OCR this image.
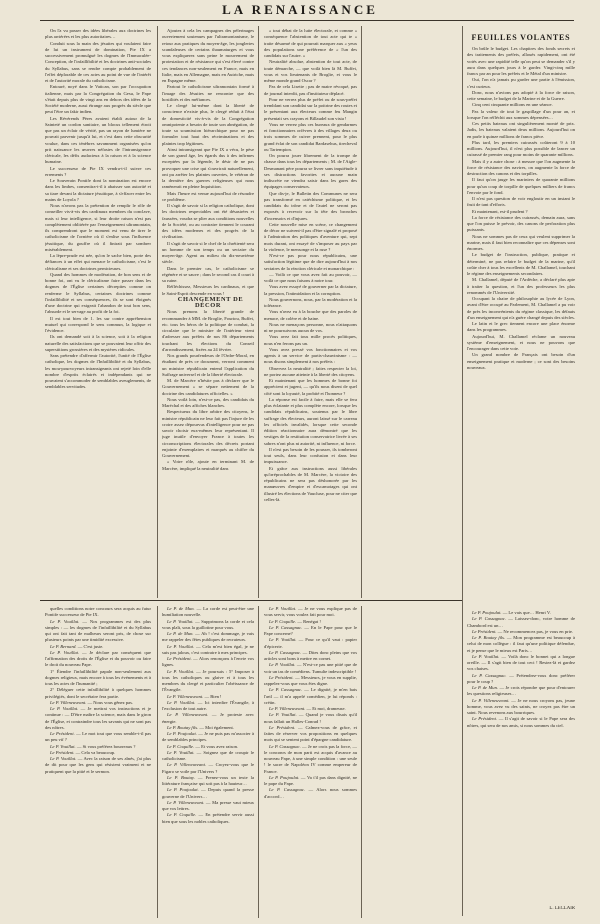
LA RENAISSANCE

On l'a vu passer des idées libérales aux doctrines les plus arriérées et les plus autoritaires…

Conduit sous la main des jésuites qui voulaient faire de lui un instrument de domination, Pie IX a successivement promulgué les dogmes de l'Immaculée-Conception, de l'infaillibilité et les doctrines anti-sociales du Syllabus, sans se rendre compte probablement de l'effet déplorable de ces actes au point de vue de l'intérêt et de l'autorité morale du catholicisme.

Entouré, noyé dans le Vatican, son par l'occupation italienne, mais par la Congrégation du Gesu, le Pape s'était depuis plus de vingt ans en dehors des idées de la Société moderne, aussi étrange aux progrès du siècle que peut l'être un fakir indien.

Les Révérends Pères avaient établi autour de la Sainteté un cordon sanitaire, un blocus tellement étroit que pas un éclair de vérité, pas un rayon de lumière ne pouvait parvenir jusqu'à lui, et c'est dans cette obscurité voulue, dans ces ténèbres savamment organisées qu'on prit naissance les œuvres néfastes de l'intransigeance cléricale, les défis audacieux à la raison et à la science humaine.

Le successeur de Pie IX vendra-t-il suivre ces errements ?

Le Souverain Pontife dont la nomination est encore dans les limbes, consentira-t-il à abaisser son autorité et sa tiare devant la dictature jésuitique, à s'effacer entre les mains de Loyola ?

Nous n'avons pas la prétention de remplir le rôle de conseiller vis-à-vis des cardinaux membres du conclave, mais si leur intelligence, si leur droite raison n'est pas complètement oblitérée par l'enseignement ultramontain, ils comprendront que le moment est venu de tirer le catholicisme de l'ornière où il s'enlise sous l'influence jésuitique, du gouffre où il finirait par sombrer misérablement.

La lèpre-prude est née, qu'on le sache bien, porte des défiances à un effet qui menace le catholicisme, c'est le cléricalisme et ses doctrines pernicieuses.

Quand des hommes de modération, de bon sens et de bonne foi, ont vu le cléricalisme faire passer dans les dogmes de l'Église certaines décrepites comme on renferme le Syllabus, certaines doctrines comme l'infaillibilité et ses conséquences, ils se sont éloignés d'une doctrine qui exigeait l'abandon de tout bon sens, l'absurde et le servage au profit de la foi.

Il est tout bien de 1. les sur contre appréhension mutuel qui correspond le sens commun, la logique et l'évidence.

Ils ont demandé soit à la science, soit à la religion naturelle des satisfactions que se pouvaient leur offrir des superstitions grossières et des mystères ridicules.

Sans prétendre d'affermir l'autorité, l'unité de l'Église catholique, les dogmes de l'Infaillibilité et du Syllabus, les mou-pourvoyeurs intransigeants ont rejeté loin d'elle nombre d'esprits éclairés et indépendants qui ne pouvaient s'accommoder de semblables aveuglements, de semblables servitudes.

Ajoutez à cela les campagnes des pèlerinages ouvertement soutenues par l'ultramontanisme, le retour aux pratiques du moyen-âge, les jongleries scandaleuses de certains thaumaturges et vous vous expliquerez sans peine le mouvement de protestation et de résistance qui s'est élevé contre ces tendances non-seulement en France, mais en Italie, mais en Allemagne, mais en Autriche, mais en Espagne même.

Partout le catholicisme ultramontain formé à l'image des Jésuites ne rencontre que des hostilités et des méfiances.

Le clergé lui-même dont la liberté de conscience n'existe plus, le clergé réduit à l'état de domesticité vis-à-vis de la Congrégation omnipotente a besoin de toute son abnégation, de toute sa soumission hiérarchique pour ne pas formuler tout haut des récriminations et des plaintes trop légitimes.

Ainsi intransigeant que Pie IX a vécu, le pèse de son grand âge, les égards dus à des infirmes exceptées par la légende, le désir de ne pas provoquer une crise qui s'ouvrirait naturellement, ont pu arrêter les plaintes ouvertes, le vétéran de la dernière des guerres religieuses qui nous ramènerait en pleine Inquisition.

Mais l'heure est venue aujourd'hui de résoudre ce problème.

Il s'agit de savoir si la religion catholique, dont les doctrines respectables ont été désastrées et faussées, voudra se plier aux conditions nouvelles de la Société, ou au contraire tiennent le courant des idées modernes et des progrès de la civilisation.

Il s'agit de savoir si le chef de la chrétienté sera un homme de son temps ou un sectaire du moyen-âge. Agent au milieu du dix-neuvième siècle.

Dans le premier cas, le catholicisme se régénère et se sauve ; dans le second cas il court à sa ruine.

Réfléchissez, Messieurs les cardinaux, et que le Saint-Esprit descende en vous !

CHANGEMENT DE DÉCOR

Nous prenons la liberté grande de recommander à MM. de Broglie, Fourtou, Buffet, etc. tous les héros de la politique de combat, la circulaire que le ministre de l'intérieur vient d'adresser aux préfets de nos 86 départements touchant les élections du Conseil d'arrondissement, fixées au 24 février.

Nos grands pourfendeurs de l'Ordre-Moral, en étudiant de près ce document, verront comment un ministre républicain entend l'application du Suffrage universel et de la liberté électorale.

M. de Marcère n'hésite pas à déclarer que le Gouvernement « se sépare nettement de la doctrine des candidatures officielles. »

Nous voilà loin, n'est-ce pas, des candidats du Maréchal et des affiches blanches.

Respectueux du libre arbitre des citoyens, le ministre républicain ne leur fait pas l'injure de les croire assez dépourvus d'intelligence pour ne pas savoir choisir eux-mêmes leur représentant. Il juge inutile d'envoyer France à toutes les circonscriptions électorales des décrets portant enjointe d'exemplaires et marqués au chiffre du Gouvernement.

« Votre rôle, ajoute en terminant M. de Marcère, impliqué la neutralité dans

« tout débat de la lutte électorale, et comme « conséquence l'abstention de tout acte qui te « traite désarmé de qui pourrait marquer aux « yeux des populations une préférence de « l'un des candidats sur l'autre. »

Neutralité absolue, abstention de tout acte, de toute démarche, — que voilà bien là M. Buffet, vous et vos lieutenants de Broglie, et vous le même monde grand Oscar ?

Pas de cela Lisette ; pas de maire révoqué, pas de journal interdit, pas d'instituteur déplacé.

Pour ne verrez plus de préfet ou de sous-préfet tremblant son candidat sur la poitrine des routes et le présentant aux électeurs comme feu Mangin présentait ses crayons et Billaudel son vista !

Vous ne verrez plus ces bureaux de gendarmes et fonctionnaires orfèvres à des villages deux ou trois sommes de cuivre prennent, pour le plus grand éclat de son candidat Bardasehus, tirecheval ou Tartempion.

On pourra jouer librement de la trompe de chasse dans tous les départements ; M. de l'Aigle-Desmanant père pourra se livrer sans inquiétude à ses distractions favorites et aucune main indiscrète ne viendra saisir dans les gares des équipages conservateurs.

Que dis-je, le Bulletin des Communes ne sera pas transformé en catéchisme politique, et les candidats du trône et de l'autel ne seront pas exposés à recevoir sur la tête des bronches d'incensoirs et d'injures.

Cette nouvelle mise en scène, ce changement de décor ne suivent-il pas d'être signalé et proposé à l'admiration des politiques d'aventure qui, sept mois durant, ont essayé de s'imposer au pays par la violence, le mensonge et la ruse ?

N'est-ce pas pour nous républicains, une satisfaction légitime que de dire aujourd'hui à nos sectaires de la réaction cléricale et monarchique :

— Voilà ce que vous avez fait au pouvoir, — voilà ce que nous faisons à notre tour.

Vous avez essayé de gouverner par la dictature, la pression, l'intimidation et la corruption.

Nous gouvernons, nous, par la modération et la tolérance.

Vous n'avez eu à la bouche que des paroles de menace, de colère et de haine.

Nous ne menaçons personne, nous n'attaquons ni ne poursuivons aucun de vos.

Vous avez fait tous mille procès politiques, nous n'en ferons pas un.

Vous avez pressé vos fonctionnaires et vos agents à un service de partis-chauvinisme : — nous disons simplement à nos préfets :

Observez la neutralité ; faites respecter la loi, ne portez aucune atteinte à la liberté des citoyens.

Et maintenant que les hommes de bonne foi apprécient et jugent, — qu'ils nous disent de quel côté sont la loyauté, la probité et l'honneur ?

La réponse est facile à faire, mais elle se fera plus éclatante et plus complète encore, lorsque les candidats républicains, soutenus par le libre suffrage des électeurs, auront laissé sur le carreau les officiels invalidés, lorsque cette seconde édition réactionnaire aura démontré que les vestiges de la restitution conservatrice livrée à ses sabres n'ont plus ni autorité, ni influence, ni force.

Il n'est pas besoin de les pousser, ils tomberont tout seuls, dans leur confusion et dans leur impuissance.

Et grâce aux instructions aussi libérales qu'irréprochables de M. Marcère, la victoire des républicains ne sera pas déshonorée par les manœuvres d'empire et d'escamotages qui ont illustré les élections de Vaucluse, pour ne citer que celles-là.

FEUILLES VOLANTES

On brûle le budget. Les chapitres des fonds secrets et des traitements des préfets, alloués rapidement, ont été votés avec une rapidité telle qu'on peut se demander s'il y aura dans quelques jours à le garder. Vingt-cinq mille francs par an pour les préfets et le Métal d'un ministre.

Oui, l'on n'a jamais pu garder une partie à l'émission, c'est curieux.

Donc, nous n'avions pas adopté à la force de raison, cette semaine, le budget de la Marine et de la Guerre.

Cinq cent cinquante millions en une séance.

Pas la valeur de tout le gaspillage d'un pour an, et lorsque l'on réfléchit aux sommes dépensées…

Ces petits bateaux ont singulièrement monté de prix. Jadis, les bateaux valaient deux millions. Aujourd'hui on en parle à quinze millions de francs pièce.

Plus tard, les premiers cuirassés coûteront 9 à 10 millions. Aujourd'hui, il n'est plus possible de lancer un cuirassé de premier rang pour moins de quarante millions.

Mais il y a autre chose : à mesure que l'on augmente la force de résistance des navires, on augmente la force de destruction des canons et des torpilles.

Il faut qu'on jauge les mariniers de quarante millions pour qu'un coup de torpille de quelques milliers de francs l'envoie par le fond.

Il n'est pas question de voir engloutir en un instant le fruit de tant d'efforts.

Et maintenant, est-il prudent ?

La force de résistance des cuirassés, demain aura, sans que l'on puisse le prévoir, des canons de perforation plus puissants.

Nous ne sommes pas de ceux qui veulent supprimer la marine, mais il faut bien reconnaître que ces dépenses sont énormes.

Le budget de l'instruction, publique, pratique et déterminé, ne pas refaire le budget de la marine, qu'il coûte cher à tous les excellents de M. Challamel, touchant le régime des enseignements secondaires.

M. Challamel, député de l'Ardèche, a déclaré plus apte à traiter la question, et l'un des professeurs les plus renommés de l'Université.

Occupant la chaire de philosophie au lycée de Lyon, avant d'être occupé au Parlement, M. Challamel a pu voir de près les inconvénients du régime classique, les défauts d'un enseignement qui n'a guère changé depuis des siècles.

Le latin et le grec tiennent encore une place énorme dans les programmes.

Aujourd'hui, M. Challamel réclame un nouveau système d'enseignement, et nous ne pouvons que l'encourager dans cette voie.

Un grand nombre de Français ont besoin d'un enseignement pratique et moderne ; ce sont des besoins nouveaux.

quelles conditions notre concours sera acquis au futur Pontife successeur de Pie IX.

Le P. Vouillat. — Nos programmes est des plus simples : — les dogmes de l'infaillibilité et du Syllabus qui ont fait tant de malheurs seront pris, de chose sur plusieurs points par une timidité excessive.

Le P. Bernard. — C'est juste.

Le P. Vouillat. — Je déclare par conséquent que l'affirmation des droits de l'Église et du pouvoir ou faire le droit du nouveau Pape.

1° Étendre l'infaillibilité papale non-seulement aux dogmes religieux, mais encore à tous les événements et à tous les actes de l'humanité ;

2° Déléguer cette infaillibilité à quelques hommes privilégiés, dont le secrétaire fera partie.

Le P. Villeneuveant. — Nous vous gênez pas.

Le P. Vouillat. — Je mettrai vos instructions et je continue : — D'être maître la science, mais dans le giron de l'Église, et contraindre tous les savants qui ne sont pas des nôtres.

Le Président. — Le mot tout que vous semble-t-il pas un peu vif ?

Le P. Vouillat. — Si vous préférez bourreaux ?

Le Président. — Cela va beaucoup.

Le P. Vouillat. — Avec la raison de ses aînés, j'ai plus de dit pour que les gens qui résistent vraiment et ne pratiquent que la pitié et le sermon.

Le P. de Mun. — La corde est peut-être une humiliation nouvelle.

Le P. Vouillat. — Supprimons la corde et cela vous plaît, sous la guillotine pour vous.

Le P. de Mun. — Ah ! c'est dommage, je vais me rappeler des fêtes publiques de recruteurs.

Le P. Vouillat. — Cela m'est bien égal, je ne suis pas jaloux, c'est contraire à mes principes.

Le Président. — Alors renonçons à l'envie vos lignes.

Le P. Vouillat. — Je poursuis : 5° Imposer à tous les catholiques ou glaive et à tous les membres du clergé et particulier l'obéissance de l'Évangile.

Le P. Villeneuveant. — Bien !

Le P. Vouillat. — Ici interdire l'Évangile, à l'exclusion de tout autre.

Le P. Villeneuveant. — Je proteste avec énergie.

Le P. Boutay fils. — Moi également.

Le P. Poujoulat. — Je ne puis pas m'associer à de semblables principes.

Le P. Coquille. — Et vous avez raison.

Le P. Vouillat. — Soignez que de croupir le catholicisme.

Le P. Villeneuveant. — Croyez-vous que le Figaro se voile par l'Univers ?

Le P. Boutay. — Prenez-vous un texte la littérature française qui soit pas à la hauteur…

Le P. Poujoulat. — Depuis quand la presse gouverne de l'Univers…

Le P. Villeneuveant. — Ma presse vaut mieux que vos lettres.

Le P. Coquille. — En prétendre servir aussi bien que sous les nobles catholiques.

Le P. Vouillat. — Je ne vous explique pas de vous servir, vous voulez fait pour moi.

Le P. Coquille. — Renégat !

Le P. Cassagnac. — En le Pape pour que le Pape concerne?

Le P. Vouillat. — Pour ce qu'il vaut : papier d'épicerie.

Le P. Cassagnac. — Dites donc pleins que vos articles sont bons à mettre en cornet.

Le P. Vouillat. — N'est-ce pas une pitié que de voir un tas de comédiens. Tumulte indescriptible !

Le Président. — Messieurs, je vous en supplie, rappelez-vous que vous êtes digne.

Le P. Cassagnac. — Le dignité, je m'en bats l'œil — il m'a appelé comédien, je lui réponds : crétin.

Le P. Villeneuveant. — Et moi, drameuse.

Le P. Vouillat. — Quand je vous disais qu'il nous fallait un Halles-Conrad !

Le Président. — Calmez-vous de grâce, et faites de réserver vos propositions en quelques mots qui se sentent point d'épargne candidature.

Le P. Cassagnac. — Je ne crois pas la force, — le conconrs de mon parti est acquis d'avance au nouveau Pape, à une simple condition : une seule ! le sacre de Napoléon IV comme empereur de France.

Le P. Poujoulat. — Va t'il pas dans dignité, ne le pape du Pape.

Le P. Cassagnac. — Alors nous sommes d'accord…

Le P. Poujoulat. — Le vais que… Henri V.

Le P. Cassagnac. — Laissez-donc, votre homme de Chambord est un…

Le Président. — Ne recommencez pas, je vous en prie.

Le P. Boutay fils. — Mon programme est beaucoup à celui de mon collègue : il faut qu'une politique défendue, et je pense que le mieux est Paris…

Le P. Vouillat. — Voilà donc le bonnet qui a longue oreille. — Il s'agit bien de tout ceci ! Restez-là et gardez vos chaises.

Le P. Cassagnac. — Prétendrez-vous donc préférer pour le coup ?

Le P. de Mun. — Je crois répondre que pour d'entourer les questions religieuses…

Le P. Villeneuveant. — Je ne nous croyons pas, jeune homme, vous avez vu des saints, ne croyez pas être un saint. Nous revenons aux bourriques.

Le Président. — Il s'agit de savoir si le Pape sera des nôtres, qui sera de nos amis, si nous sommes du ciel.

L. LECLAIR
